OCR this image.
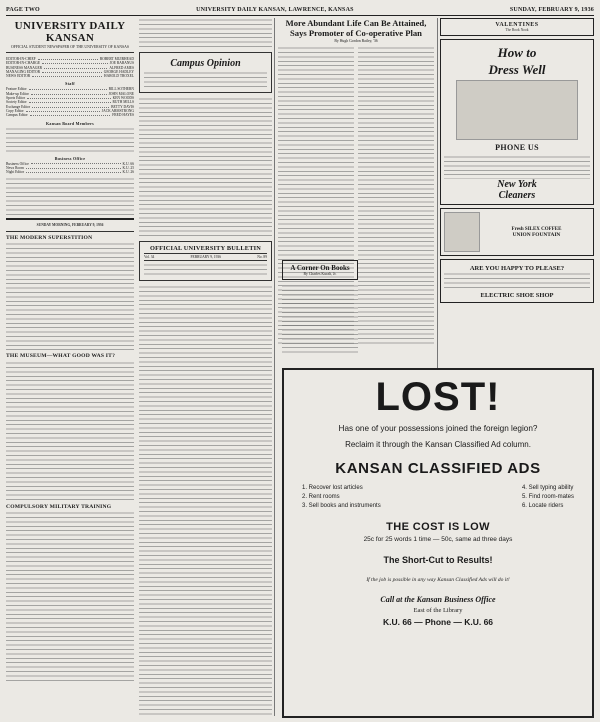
PAGE TWO	UNIVERSITY DAILY KANSAN, LAWRENCE, KANSAS	SUNDAY, FEBRUARY 9, 1936
UNIVERSITY DAILY KANSAN
OFFICIAL STUDENT NEWSPAPER OF THE UNIVERSITY OF KANSAS
EDITOR-IN-CHIEF	ROBERT MUIRHEAD
EDITOR-IN-CHARGE	JOE RABANUS
BUSINESS MANAGER	ALFRED AMES
MANAGING EDITOR	GEORGE HADLEY
NEWS EDITOR	HAROLD TROXEL
Staff
Feature Editor	BILL SOTHERN
Make-up Editor	JOHN MALONE
Sports Editor	KEN WOODS
Society Editor	RUTH MILLS
Exchange Editor	BETTY DAVIS
Copy Editor	JACK ARMSTRONG
Campus Editor	FRED HAYES
Kansan Board Members
Business Office
Business Office	K.U. 66
News Room	K.U. 25
Night Editor	K.U. 26
SUNDAY MORNING, FEBRUARY 9, 1936
THE MODERN SUPERSTITION
THE MUSEUM—WHAT GOOD WAS IT?
COMPULSORY MILITARY TRAINING
Campus Opinion
OFFICIAL UNIVERSITY BULLETIN
Vol. 34	FEBRUARY 9, 1936	No. 89
More Abundant Life Can Be Attained, Says Promoter of Co-operative Plan
By Hugh Gordon Bailey, '36
A Corner On Books
By Charles Kuralt, Jr.
VALENTINES
The Book Nook
How to
Dress Well
PHONE US
New York
Cleaners
Fresh SILEX COFFEE
UNION FOUNTAIN
ARE YOU HAPPY TO PLEASE?
ELECTRIC SHOE SHOP
LOST!
Has one of your possessions joined the foreign legion?
Reclaim it through the Kansan Classified Ad column.
KANSAN CLASSIFIED ADS
1. Recover lost articles
2. Rent rooms
3. Sell books and instruments
4. Sell typing ability
5. Find room-mates
6. Locate riders
THE COST IS LOW
25c for 25 words 1 time — 50c, same ad three days
The Short-Cut to Results!
If the job is possible in any way Kansan Classified Ads will do it!
Call at the Kansan Business Office
East of the Library
K.U. 66 — Phone — K.U. 66
